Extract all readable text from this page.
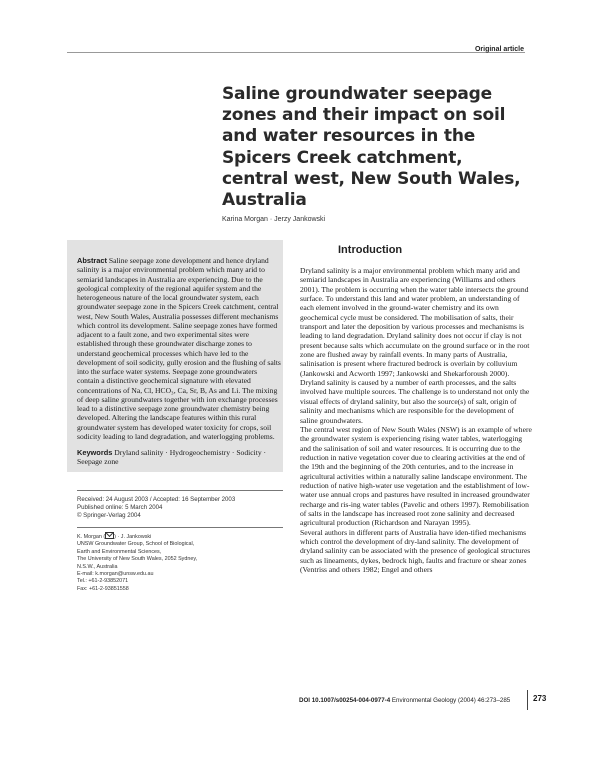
Original article
Saline groundwater seepage zones and their impact on soil and water resources in the Spicers Creek catchment, central west, New South Wales, Australia
Karina Morgan · Jerzy Jankowski
Abstract Saline seepage zone development and hence dryland salinity is a major environmental problem which many arid to semiarid landscapes in Australia are experiencing. Due to the geological complexity of the regional aquifer system and the heterogeneous nature of the local groundwater system, each groundwater seepage zone in the Spicers Creek catchment, central west, New South Wales, Australia possesses different mechanisms which control its development. Saline seepage zones have formed adjacent to a fault zone, and two experimental sites were established through these groundwater discharge zones to understand geochemical processes which have led to the development of soil sodicity, gully erosion and the flushing of salts into the surface water systems. Seepage zone groundwaters contain a distinctive geochemical signature with elevated concentrations of Na, Cl, HCO₃, Ca, Sr, B, As and Li. The mixing of deep saline groundwaters together with ion exchange processes lead to a distinctive seepage zone groundwater chemistry being developed. Altering the landscape features within this rural groundwater system has developed water toxicity for crops, soil sodicity leading to land degradation, and waterlogging problems.
Keywords Dryland salinity · Hydrogeochemistry · Sodicity · Seepage zone
Received: 24 August 2003 / Accepted: 16 September 2003
Published online: 5 March 2004
© Springer-Verlag 2004
K. Morgan ( ) · J. Jankowski
UNSW Groundwater Group, School of Biological,
Earth and Environmental Sciences,
The University of New South Wales, 2052 Sydney,
N.S.W., Australia
E-mail: k.morgan@unsw.edu.au
Tel.: +61-2-93852071
Fax: +61-2-93851558
Introduction

Dryland salinity is a major environmental problem which many arid and semiarid landscapes in Australia are experiencing (Williams and others 2001). The problem is occurring when the water table intersects the ground surface. To understand this land and water problem, an understanding of each element involved in the ground-water chemistry and its own geochemical cycle must be considered. The mobilisation of salts, their transport and later the deposition by various processes and mechanisms is leading to land degradation. Dryland salinity does not occur if clay is not present because salts which accumulate on the ground surface or in the root zone are flushed away by rainfall events. In many parts of Australia, salinisation is present where fractured bedrock is overlain by colluvium (Jankowski and Acworth 1997; Jankowski and Shekarforoush 2000). Dryland salinity is caused by a number of earth processes, and the salts involved have multiple sources. The challenge is to understand not only the visual effects of dryland salinity, but also the source(s) of salt, origin of salinity and mechanisms which are responsible for the development of saline groundwaters.

The central west region of New South Wales (NSW) is an example of where the groundwater system is experiencing rising water tables, waterlogging and the salinisation of soil and water resources. It is occurring due to the reduction in native vegetation cover due to clearing activities at the end of the 19th and the beginning of the 20th centuries, and to the increase in agricultural activities within a naturally saline landscape environment. The reduction of native high-water use vegetation and the establishment of low-water use annual crops and pastures have resulted in increased groundwater recharge and ris-ing water tables (Pavelic and others 1997). Remobilisation of salts in the landscape has increased root zone salinity and decreased agricultural production (Richardson and Narayan 1995).

Several authors in different parts of Australia have iden-tified mechanisms which control the development of dry-land salinity. The development of dryland salinity can be associated with the presence of geological structures such as lineaments, dykes, bedrock high, faults and fracture or shear zones (Ventriss and others 1982; Engel and others

DOI 10.1007/s00254-004-0977-4 Environmental Geology (2004) 46:273–285	273
